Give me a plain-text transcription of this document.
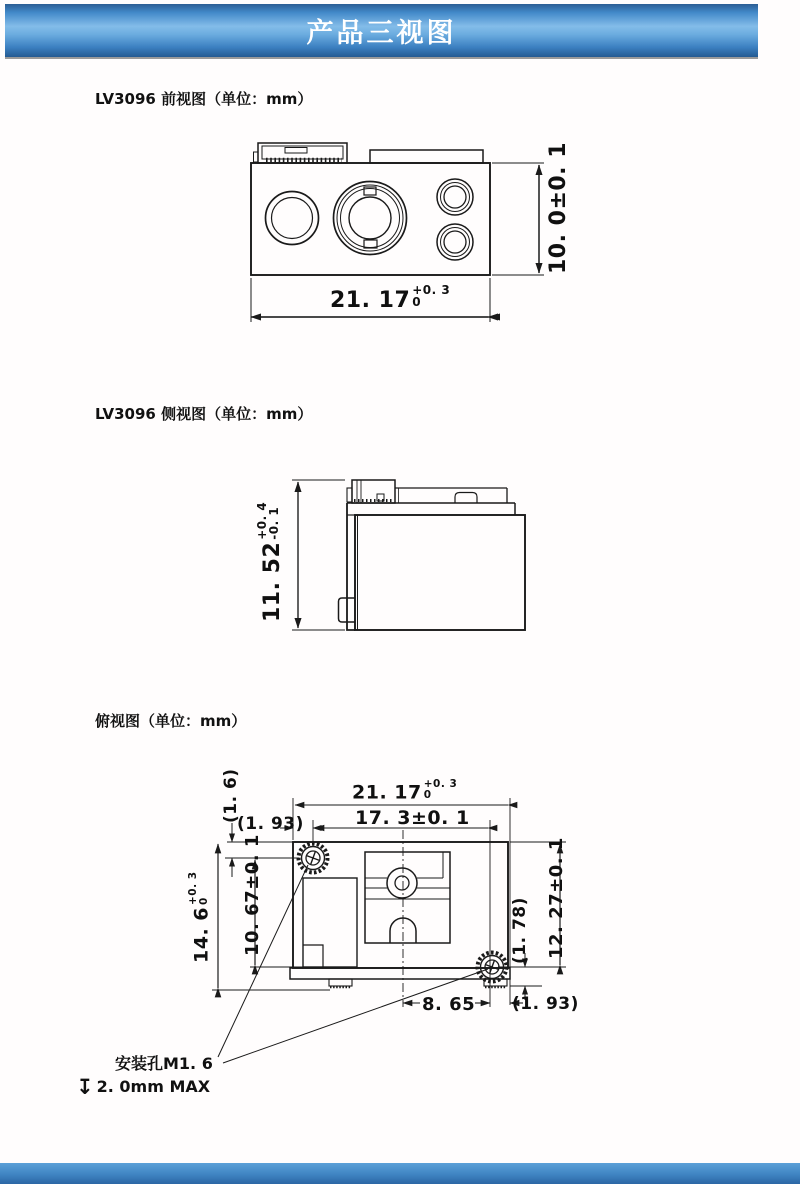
产品三视图
LV3096 前视图（单位：mm）
LV3096 侧视图（单位：mm）
俯视图（单位：mm）
21. 17 +0. 3
0
10. 0±0. 1
11. 52
+0. 4
-0. 1
21. 17 +0. 3
0
17. 3±0. 1
(1. 93)
(1. 6)
14. 6
+0. 3
0 10. 67±0. 1	12. 27±0. 1
(1. 78)
8. 65 (1. 93)
安装孔M1. 6
↧ 2. 0mm MAX
